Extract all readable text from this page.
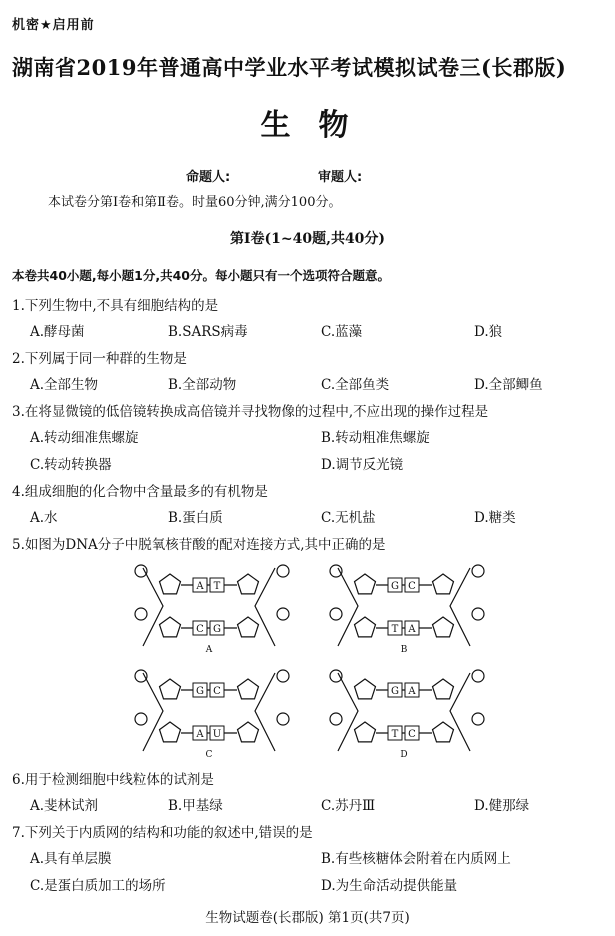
机密★启用前
湖南省2019年普通高中学业水平考试模拟试卷三(长郡版)
生物
命题人:	审题人:
本试卷分第Ⅰ卷和第Ⅱ卷。时量60分钟,满分100分。
第Ⅰ卷(1~40题,共40分)
本卷共40小题,每小题1分,共40分。每小题只有一个选项符合题意。
1.下列生物中,不具有细胞结构的是
A.酵母菌	B.SARS病毒	C.蓝藻	D.狼
2.下列属于同一种群的生物是
A.全部生物	B.全部动物	C.全部鱼类	D.全部鲫鱼
3.在将显微镜的低倍镜转换成高倍镜并寻找物像的过程中,不应出现的操作过程是
A.转动细准焦螺旋	B.转动粗准焦螺旋
C.转动转换器	D.调节反光镜
4.组成细胞的化合物中含量最多的有机物是
A.水	B.蛋白质	C.无机盐	D.糖类
5.如图为DNA分子中脱氧核苷酸的配对连接方式,其中正确的是
A T
C G
A
G C
T A
B
G C
A U
C
G A
T C
D
6.用于检测细胞中线粒体的试剂是
A.斐林试剂	B.甲基绿	C.苏丹Ⅲ	D.健那绿
7.下列关于内质网的结构和功能的叙述中,错误的是
A.具有单层膜	B.有些核糖体会附着在内质网上
C.是蛋白质加工的场所	D.为生命活动提供能量
生物试题卷(长郡版) 第1页(共7页)
